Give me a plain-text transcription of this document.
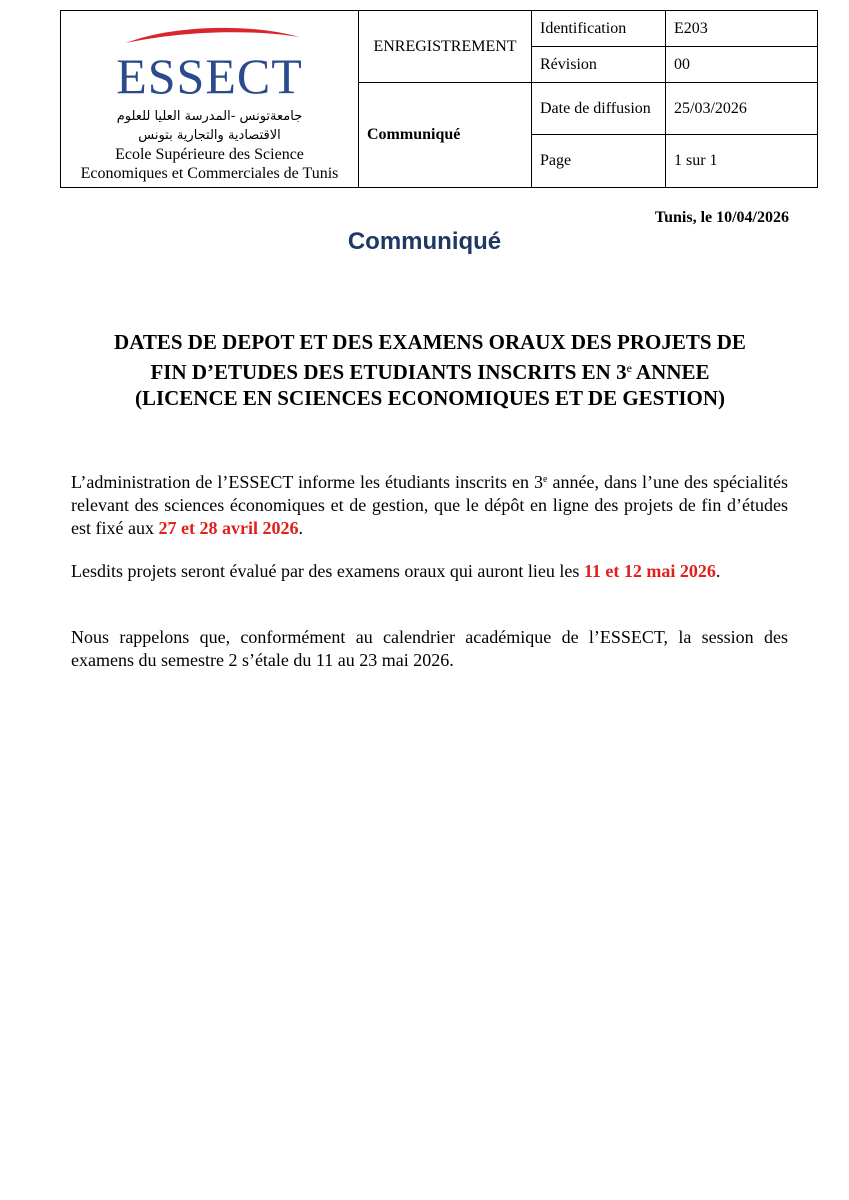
ESSECT
جامعةتونس -المدرسة العليا للعلوم
الاقتصادية والتجارية بتونس
Ecole Supérieure des Science
Economiques et Commerciales de Tunis	ENREGISTREMENT	Identification	E203
		Révision	00
	Communiqué	Date de diffusion	25/03/2026
		Page	1 sur 1
Tunis, le 10/04/2026
Communiqué
DATES DE DEPOT ET DES EXAMENS ORAUX DES PROJETS DE
FIN D’ETUDES DES ETUDIANTS INSCRITS EN 3e ANNEE
(LICENCE EN SCIENCES ECONOMIQUES ET DE GESTION)

L’administration de l’ESSECT informe les étudiants inscrits en 3e année, dans l’une des spécialités relevant des sciences économiques et de gestion, que le dépôt en ligne des projets de fin d’études est fixé aux 27 et 28 avril 2026.

Lesdits projets seront évalué par des examens oraux qui auront lieu les 11 et 12 mai 2026.

Nous rappelons que, conformément au calendrier académique de l’ESSECT, la session des examens du semestre 2 s’étale du 11 au 23 mai 2026.
